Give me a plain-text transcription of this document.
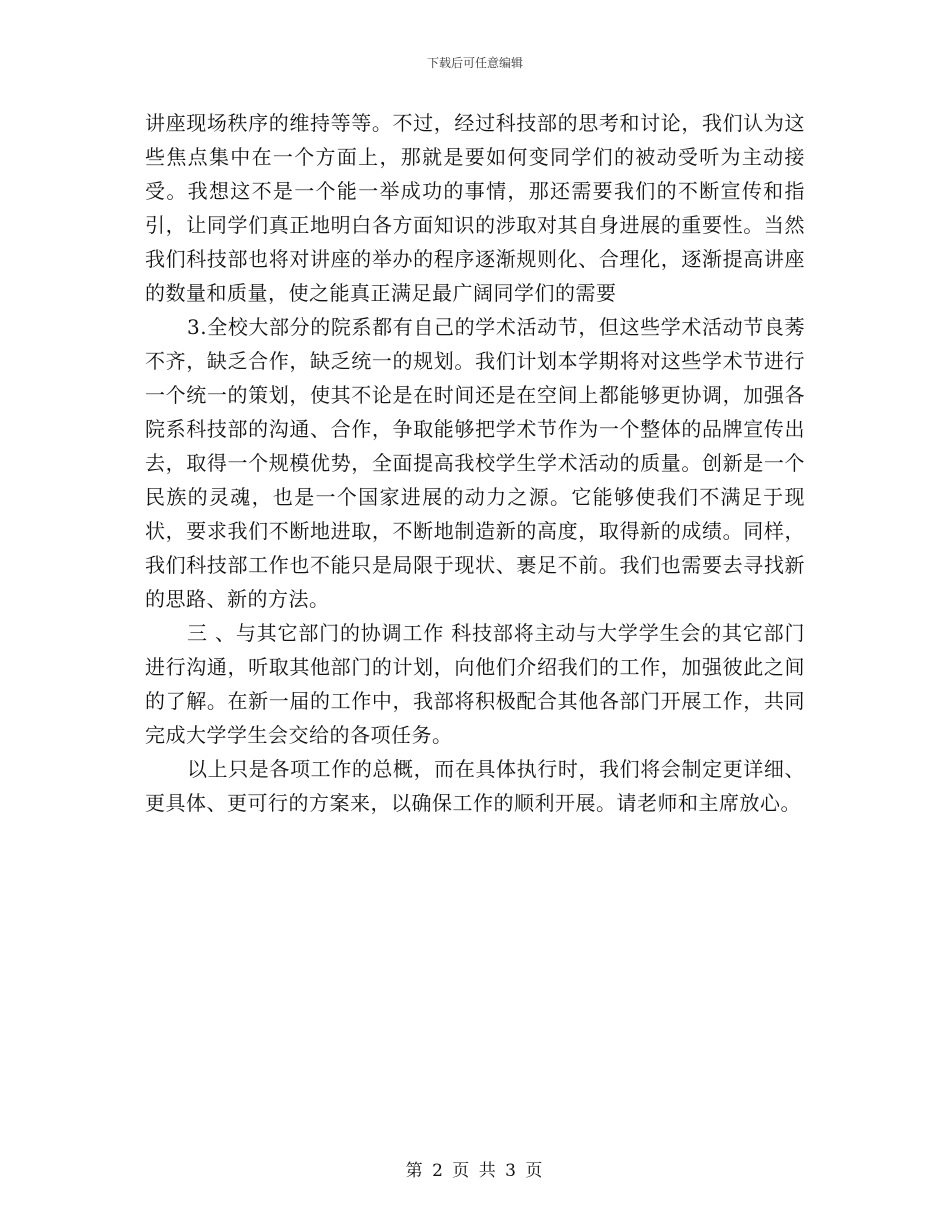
下载后可任意编辑

讲座现场秩序的维持等等。不过，经过科技部的思考和讨论，我们认为这些焦点集中在一个方面上，那就是要如何变同学们的被动受听为主动接受。我想这不是一个能一举成功的事情，那还需要我们的不断宣传和指引，让同学们真正地明白各方面知识的涉取对其自身进展的重要性。当然我们科技部也将对讲座的举办的程序逐渐规则化、合理化，逐渐提高讲座的数量和质量，使之能真正满足最广阔同学们的需要

3.全校大部分的院系都有自己的学术活动节，但这些学术活动节良莠不齐，缺乏合作，缺乏统一的规划。我们计划本学期将对这些学术节进行一个统一的策划，使其不论是在时间还是在空间上都能够更协调，加强各院系科技部的沟通、合作，争取能够把学术节作为一个整体的品牌宣传出去，取得一个规模优势，全面提高我校学生学术活动的质量。创新是一个民族的灵魂，也是一个国家进展的动力之源。它能够使我们不满足于现状，要求我们不断地进取，不断地制造新的高度，取得新的成绩。同样，我们科技部工作也不能只是局限于现状、裹足不前。我们也需要去寻找新的思路、新的方法。

三 、与其它部门的协调工作 科技部将主动与大学学生会的其它部门进行沟通，听取其他部门的计划，向他们介绍我们的工作，加强彼此之间的了解。在新一届的工作中，我部将积极配合其他各部门开展工作，共同完成大学学生会交给的各项任务。

以上只是各项工作的总概，而在具体执行时，我们将会制定更详细、更具体、更可行的方案来，以确保工作的顺利开展。请老师和主席放心。

第 2 页 共 3 页
